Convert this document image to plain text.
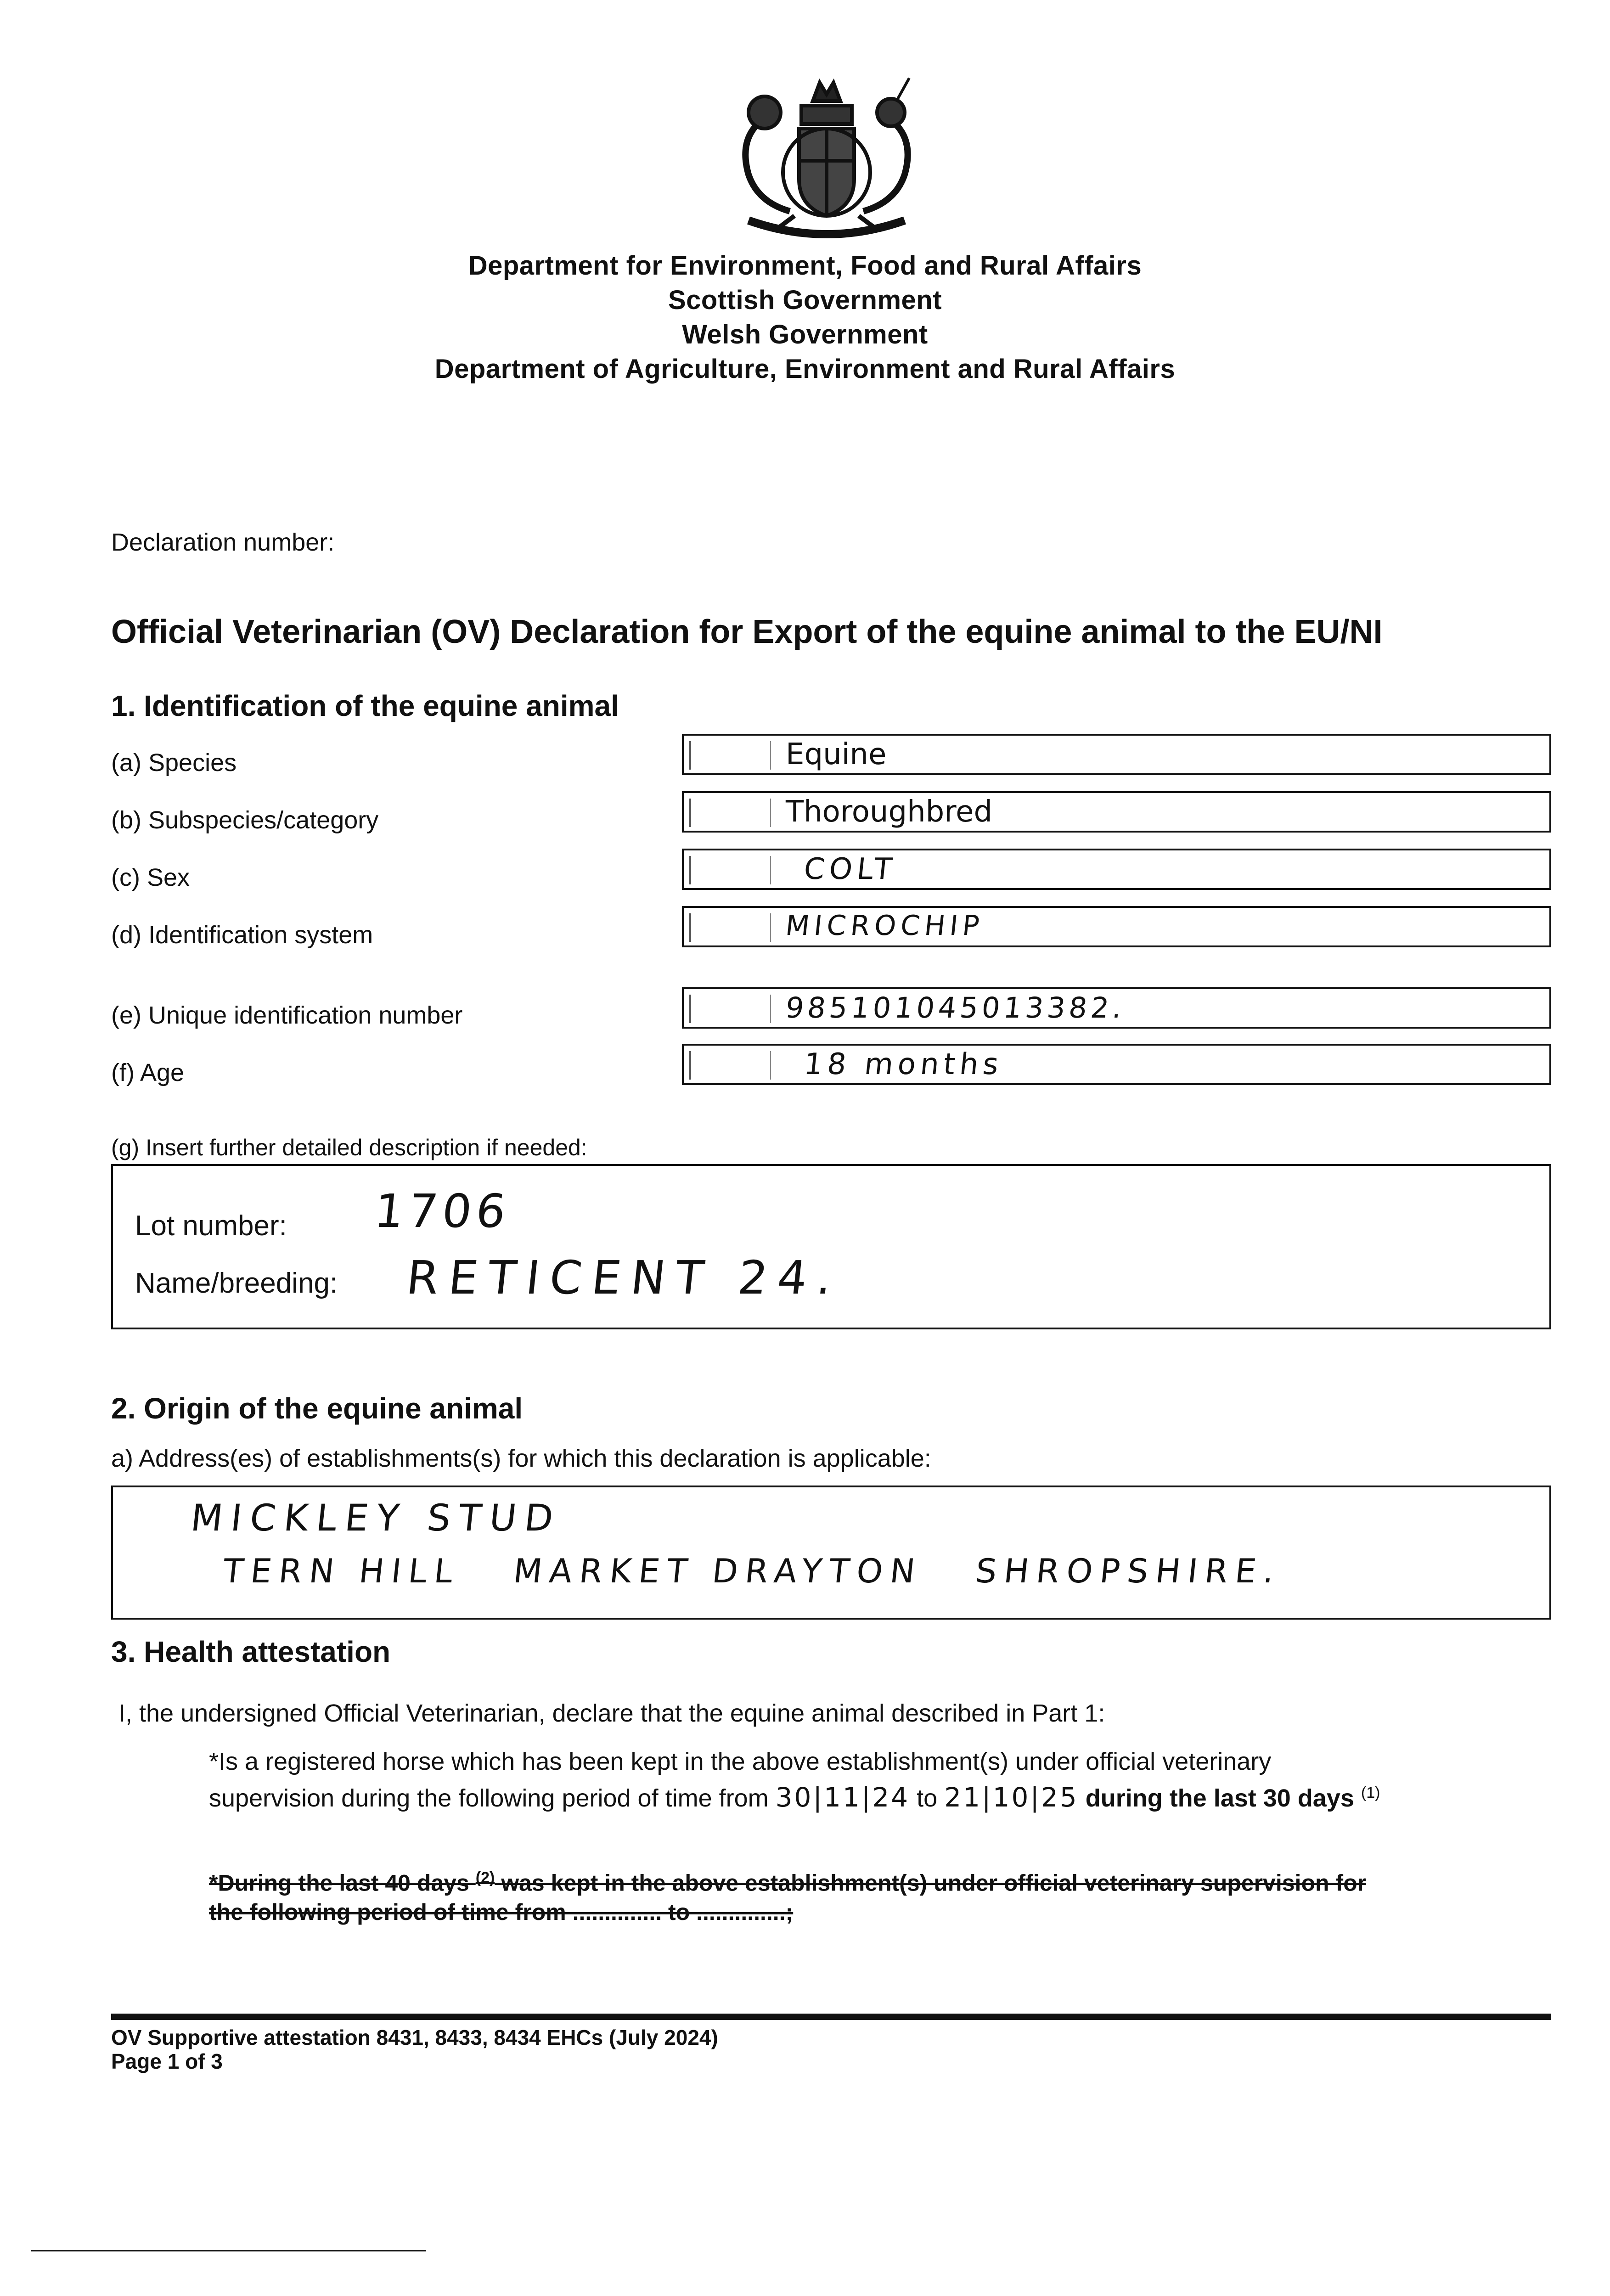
Department for Environment, Food and Rural Affairs
Scottish Government
Welsh Government
Department of Agriculture, Environment and Rural Affairs
Declaration number:
Official Veterinarian (OV) Declaration for Export of the equine animal to the EU/NI
1. Identification of the equine animal
(a) Species	Equine
(b) Subspecies/category	Thoroughbred
(c) Sex	COLT
(d) Identification system	MICROCHIP
(e) Unique identification number	985101045013382.
(f) Age	18 months
(g) Insert further detailed description if needed:
Lot number: 1706
Name/breeding: RETICENT 24.
2. Origin of the equine animal
a) Address(es) of establishments(s) for which this declaration is applicable:
MICKLEY STUD
TERN HILL   MARKET DRAYTON   SHROPSHIRE.
3. Health attestation
I, the undersigned Official Veterinarian, declare that the equine animal described in Part 1:
*Is a registered horse which has been kept in the above establishment(s) under official veterinary
supervision during the following period of time from 30|11|24 to 21|10|25 during the last 30 days $^{(1)}$
*During the last 40 days $^{(2)}$ was kept in the above establishment(s) under official veterinary supervision for
the following period of time from .............. to ..............;
OV Supportive attestation 8431, 8433, 8434 EHCs (July 2024)
Page 1 of 3
